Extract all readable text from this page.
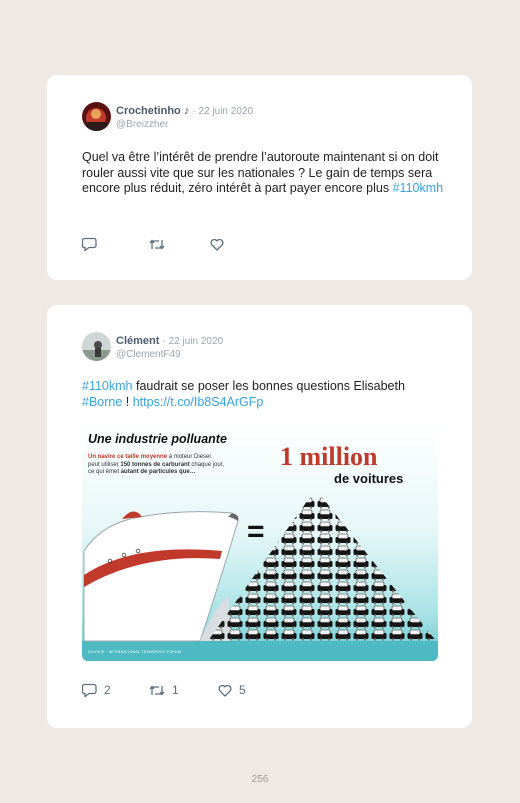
Crochetinho ♪ · 22 juin 2020
@Breizzher
Quel va être l’intérêt de prendre l’autoroute maintenant si on doit rouler aussi vite que sur les nationales ? Le gain de temps sera encore plus réduit, zéro intérêt à part payer encore plus #110kmh
Clément · 22 juin 2020
@ClementF49
#110kmh faudrait se poser les bonnes questions Elisabeth #Borne ! https://t.co/Ib8S4ArGFp
Une industrie polluante
Un navire ce taille moyenne à moteur Diesel
peut utiliser 150 tonnes de carburant chaque jour,
ce qui émet autant de particules que…
1 million
de voitures
=
SOURCE : INTERNATIONAL TRANSPORT FORUM
2	1	5
256
